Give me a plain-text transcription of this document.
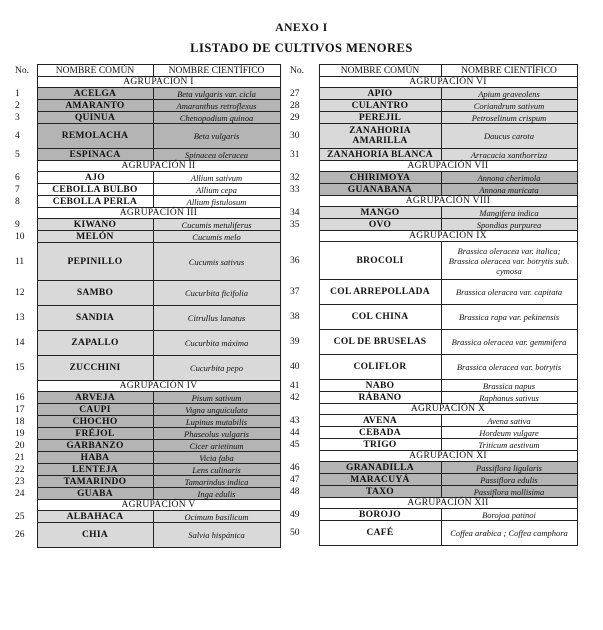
ANEXO I
LISTADO DE CULTIVOS MENORES
No.	NOMBRE COMÚN	NOMBRE CIENTÍFICO
	AGRUPACIÓN I	
1	ACELGA	Beta vulgaris var. cicla
2	AMARANTO	Amaranthus retroflexus
3	QUINUA	Chenopodium quinoa
4	REMOLACHA	Beta vulgaris
5	ESPINACA	Spinacea oleracea
	AGRUPACIÓN II	
6	AJO	Allium sativum
7	CEBOLLA BULBO	Allium cepa
8	CEBOLLA PERLA	Allium fistulosum
	AGRUPACIÓN III	
9	KIWANO	Cucumis metuliferus
10	MELÓN	Cucumis melo
11	PEPINILLO	Cucumis sativus
12	SAMBO	Cucurbita ficifolia
13	SANDIA	Citrullus lanatus
14	ZAPALLO	Cucurbita máxima
15	ZUCCHINI	Cucurbita pepo
	AGRUPACIÓN IV	
16	ARVEJA	Pisum sativum
17	CAUPI	Vigna unguiculata
18	CHOCHO	Lupinus mutabilis
19	FRÉJOL	Phaseolus vulgaris
20	GARBANZO	Cicer arietinum
21	HABA	Vicia faba
22	LENTEJA	Lens culinaris
23	TAMARINDO	Tamarindus indica
24	GUABA	Inga edulis
	AGRUPACIÓN V	
25	ALBAHACA	Ocimum basilicum
26	CHIA	Salvia hispánica
No.	NOMBRE COMÚN	NOMBRE CIENTÍFICO
	AGRUPACIÓN VI	
27	APIO	Apium graveolens
28	CULANTRO	Coriandrum sativum
29	PEREJIL	Petroselinum crispum
30	ZANAHORIA AMARILLA	Daucus carota
31	ZANAHORIA BLANCA	Arracacia xanthorriza
	AGRUPACIÓN VII	
32	CHIRIMOYA	Annona cherimola
33	GUANABANA	Annona muricata
	AGRUPACIÓN VIII	
34	MANGO	Mangifera indica
35	OVO	Spondias purpurea
	AGRUPACIÓN IX	
36	BROCOLI	Brassica oleracea var. italica; Brassica oleracea var. botrytis sub. cymosa
37	COL ARREPOLLADA	Brassica oleracea var. capitata
38	COL CHINA	Brassica rapa var. pekinensis
39	COL DE BRUSELAS	Brassica oleracea var. gemmifera
40	COLIFLOR	Brassica oleracea var. botrytis
41	NABO	Brassica napus
42	RÁBANO	Raphanus sativus
	AGRUPACIÓN X	
43	AVENA	Avena sativa
44	CEBADA	Hordeum vulgare
45	TRIGO	Triticum aestivum
	AGRUPACIÓN XI	
46	GRANADILLA	Passiflora ligularis
47	MARACUYÁ	Passiflora edulis
48	TAXO	Passiflora mollisima
	AGRUPACIÓN XII	
49	BOROJO	Borojoa patinoi
50	CAFÉ	Coffea arabica ; Coffea camphora
